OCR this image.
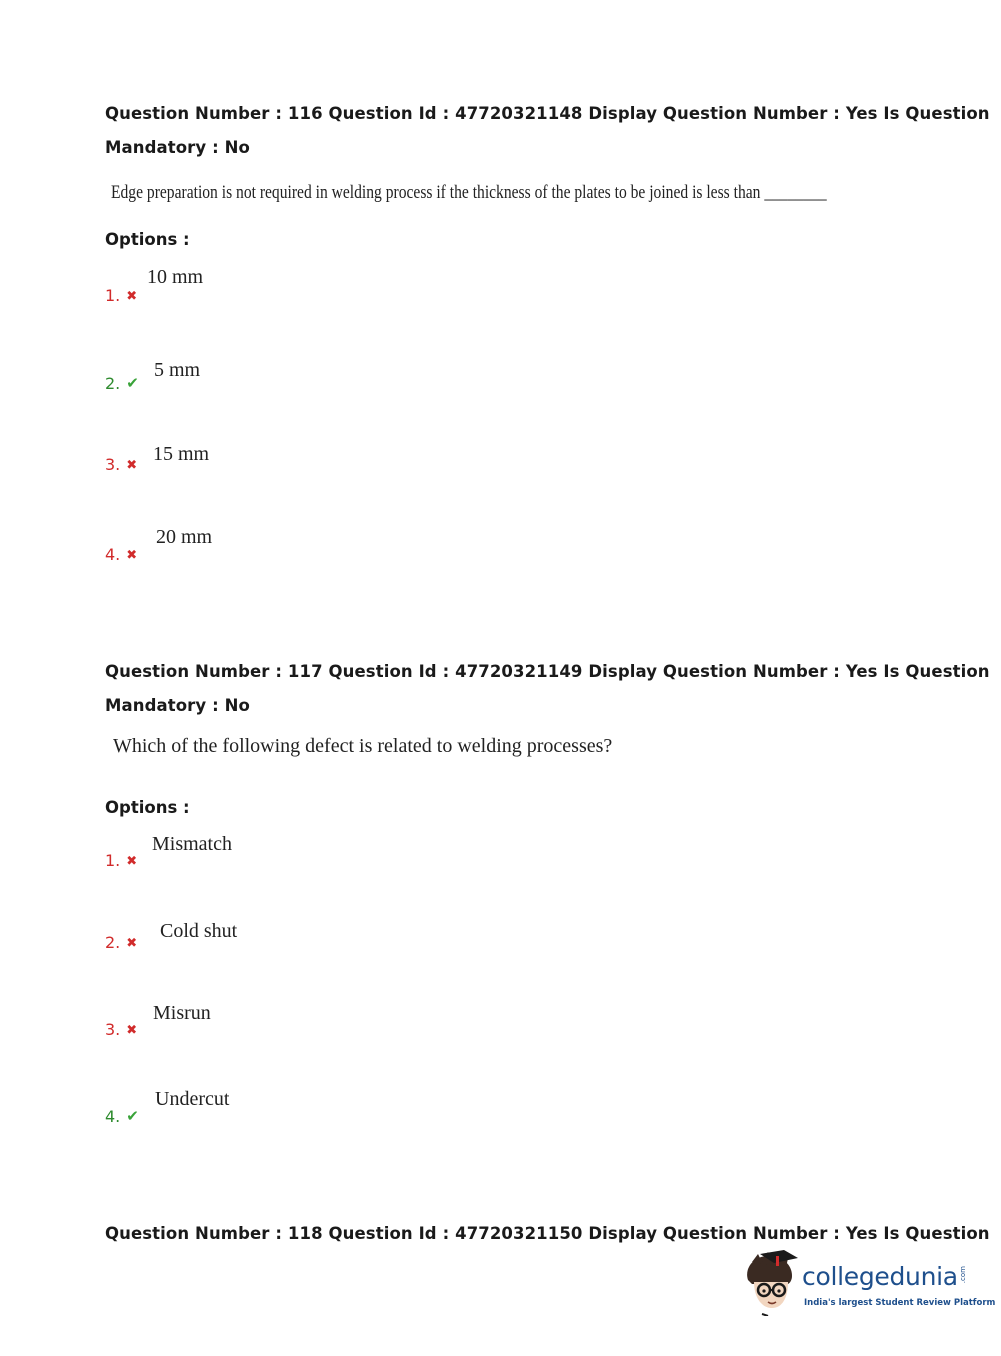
Question Number : 116 Question Id : 47720321148 Display Question Number : Yes Is Question
Mandatory : No
Edge preparation is not required in welding process if the thickness of the plates to be joined is less than ________
Options :
1. ✖
10 mm
2. ✔
5 mm
3. ✖
15 mm
4. ✖
20 mm
Question Number : 117 Question Id : 47720321149 Display Question Number : Yes Is Question
Mandatory : No
Which of the following defect is related to welding processes?
Options :
1. ✖
Mismatch
2. ✖
Cold shut
3. ✖
Misrun
4. ✔
Undercut
Question Number : 118 Question Id : 47720321150 Display Question Number : Yes Is Question
collegedunia .com
India's largest Student Review Platform
